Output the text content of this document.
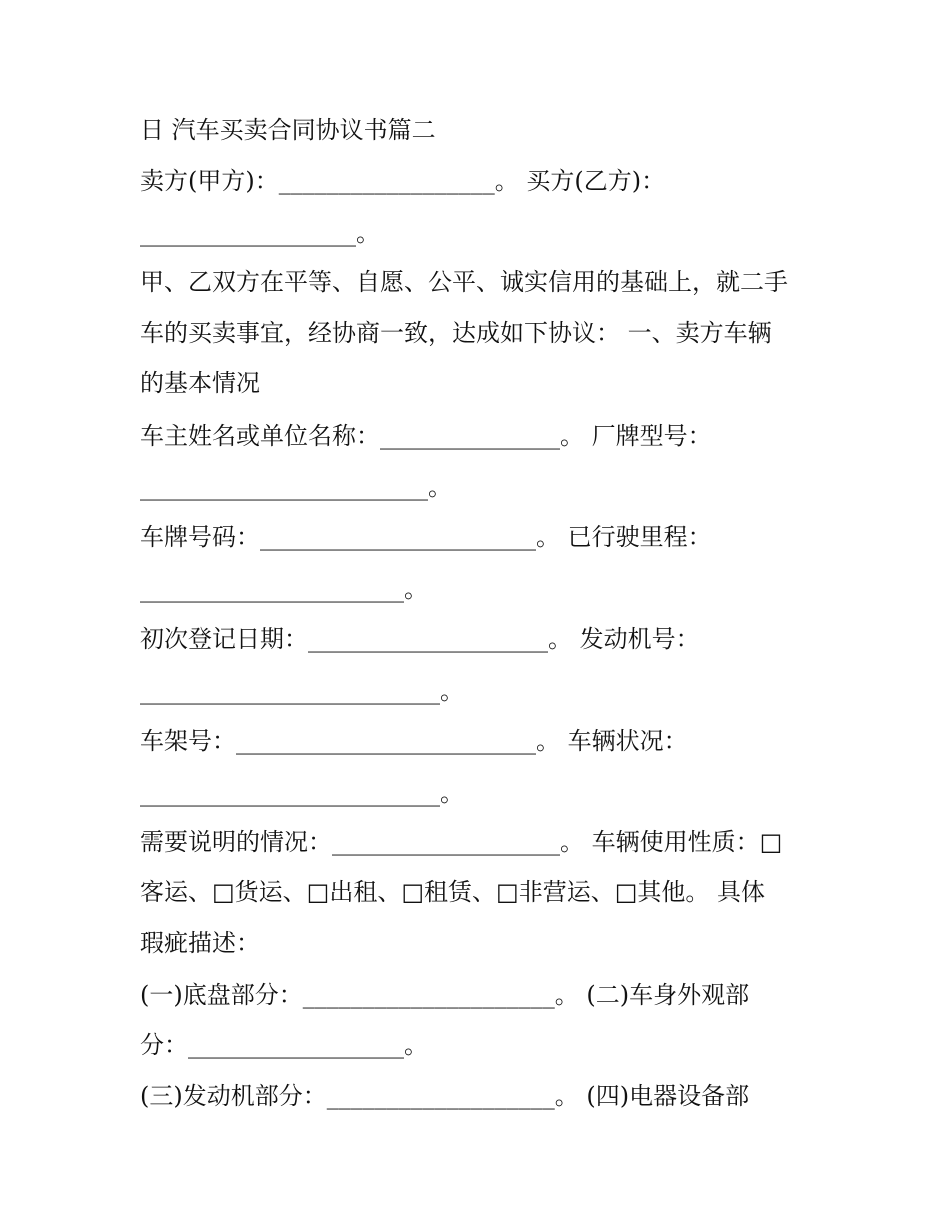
日 汽车买卖合同协议书篇二
卖方(甲方)：__________________。 买方(乙方)：
__________________。
甲、乙双方在平等、自愿、公平、诚实信用的基础上，就二手
车的买卖事宜，经协商一致，达成如下协议： 一、卖方车辆
的基本情况
车主姓名或单位名称：_______________。 厂牌型号：
________________________。
车牌号码：_______________________。 已行驶里程：
______________________。
初次登记日期：____________________。 发动机号：
_________________________。
车架号：_________________________。 车辆状况：
_________________________。
需要说明的情况：___________________。 车辆使用性质：□
客运、□货运、□出租、□租赁、□非营运、□其他。 具体
瑕疵描述：
(一)底盘部分：_____________________。 (二)车身外观部
分：__________________。
(三)发动机部分：___________________。 (四)电器设备部
